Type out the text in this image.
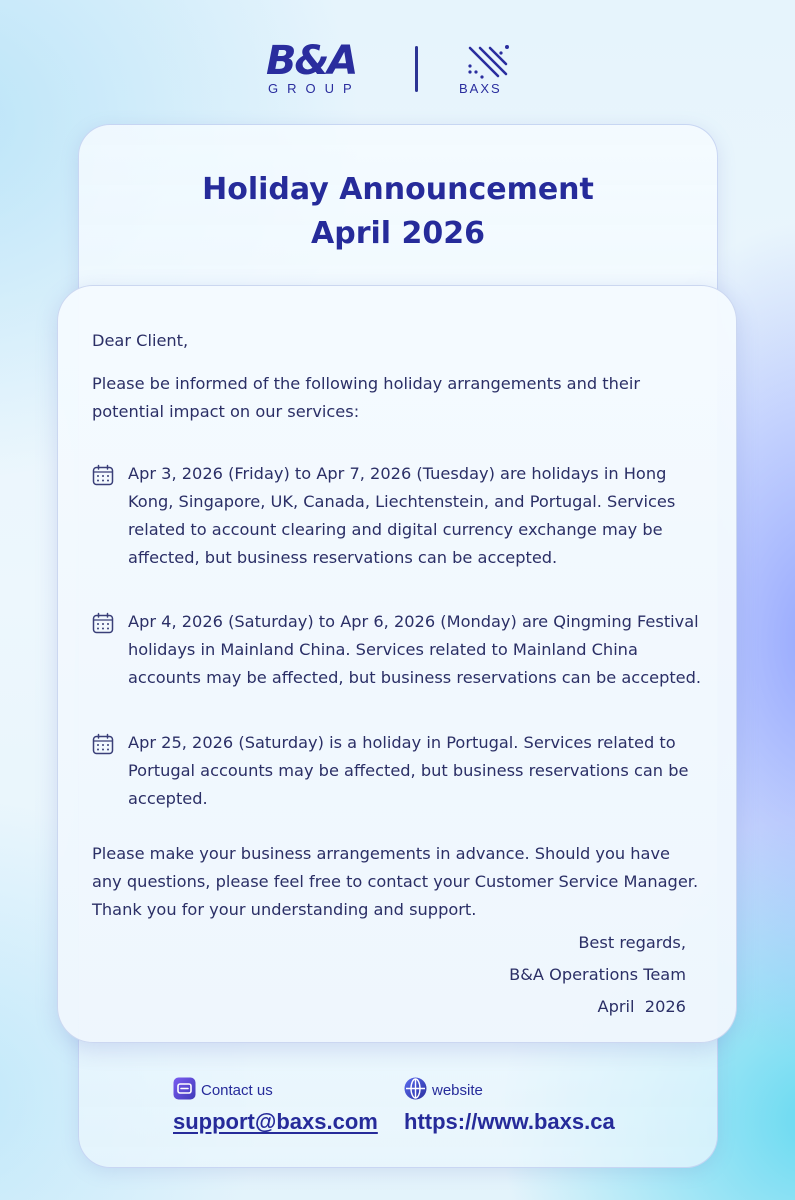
B&A
GROUP	BAXS
Holiday Announcement
April 2026

Dear Client,

Please be informed of the following holiday arrangements and their potential impact on our services:

Apr 3, 2026 (Friday) to Apr 7, 2026 (Tuesday) are holidays in Hong Kong, Singapore, UK, Canada, Liechtenstein, and Portugal. Services related to account clearing and digital currency exchange may be affected, but business reservations can be accepted.

Apr 4, 2026 (Saturday) to Apr 6, 2026 (Monday) are Qingming Festival holidays in Mainland China. Services related to Mainland China accounts may be affected, but business reservations can be accepted.

Apr 25, 2026 (Saturday) is a holiday in Portugal. Services related to Portugal accounts may be affected, but business reservations can be accepted.

Please make your business arrangements in advance. Should you have any questions, please feel free to contact your Customer Service Manager. Thank you for your understanding and support.

Best regards,

B&A Operations Team

April  2026

Contact us
support@baxs.com
website
https://www.baxs.ca
